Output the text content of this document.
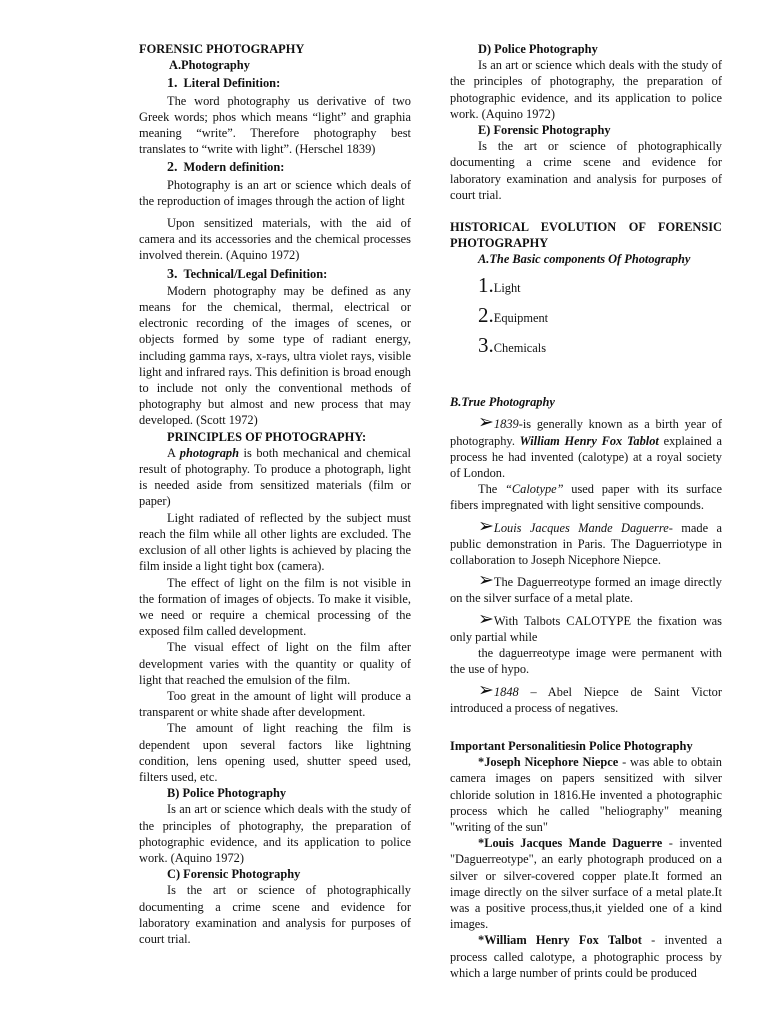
FORENSIC PHOTOGRAPHY

A.Photography

1. Literal Definition:

The word photography us derivative of two Greek words; phos which means “light” and graphia meaning “write”. Therefore photography best translates to “write with light”. (Herschel 1839)

2. Modern definition:

Photography is an art or science which deals of the reproduction of images through the action of light

Upon sensitized materials, with the aid of camera and its accessories and the chemical processes involved therein. (Aquino 1972)

3. Technical/Legal Definition:

Modern photography may be defined as any means for the chemical, thermal, electrical or electronic recording of the images of scenes, or objects formed by some type of radiant energy, including gamma rays, x-rays, ultra violet rays, visible light and infrared rays. This definition is broad enough to include not only the conventional methods of photography but almost and new process that may developed. (Scott 1972)

PRINCIPLES OF PHOTOGRAPHY:

A photograph is both mechanical and chemical result of photography. To produce a photograph, light is needed aside from sensitized materials (film or paper)

Light radiated of reflected by the subject must reach the film while all other lights are excluded. The exclusion of all other lights is achieved by placing the film inside a light tight box (camera).

The effect of light on the film is not visible in the formation of images of objects. To make it visible, we need or require a chemical processing of the exposed film called development.

The visual effect of light on the film after development varies with the quantity or quality of light that reached the emulsion of the film.

Too great in the amount of light will produce a transparent or white shade after development.

The amount of light reaching the film is dependent upon several factors like lightning condition, lens opening used, shutter speed used, filters used, etc.

B) Police Photography

Is an art or science which deals with the study of the principles of photography, the preparation of photographic evidence, and its application to police work. (Aquino 1972)

C) Forensic Photography

Is the art or science of photographically documenting a crime scene and evidence for laboratory examination and analysis for purposes of court trial.

D) Police Photography

Is an art or science which deals with the study of the principles of photography, the preparation of photographic evidence, and its application to police work. (Aquino 1972)

E) Forensic Photography

Is the art or science of photographically documenting a crime scene and evidence for laboratory examination and analysis for purposes of court trial.

HISTORICAL EVOLUTION OF FORENSIC PHOTOGRAPHY

A.The Basic components Of Photography

1.Light

2.Equipment

3.Chemicals

B.True Photography

➢1839-is generally known as a birth year of photography. William Henry Fox Tablot explained a process he had invented (calotype) at a royal society of London.

The “Calotype” used paper with its surface fibers impregnated with light sensitive compounds.

➢Louis Jacques Mande Daguerre- made a public demonstration in Paris. The Daguerriotype in collaboration to Joseph Nicephore Niepce.

➢The Daguerreotype formed an image directly on the silver surface of a metal plate.

➢With Talbots CALOTYPE the fixation was only partial while

the daguerreotype image were permanent with the use of hypo.

➢1848 – Abel Niepce de Saint Victor introduced a process of negatives.

Important Personalitiesin Police Photography

*Joseph Nicephore Niepce - was able to obtain camera images on papers sensitized with silver chloride solution in 1816.He invented a photographic process which he called "heliography" meaning "writing of the sun"

*Louis Jacques Mande Daguerre - invented "Daguerreotype", an early photograph produced on a silver or silver-covered copper plate.It formed an image directly on the silver surface of a metal plate.It was a positive process,thus,it yielded one of a kind images.

*William Henry Fox Talbot - invented a process called calotype, a photographic process by which a large number of prints could be produced
